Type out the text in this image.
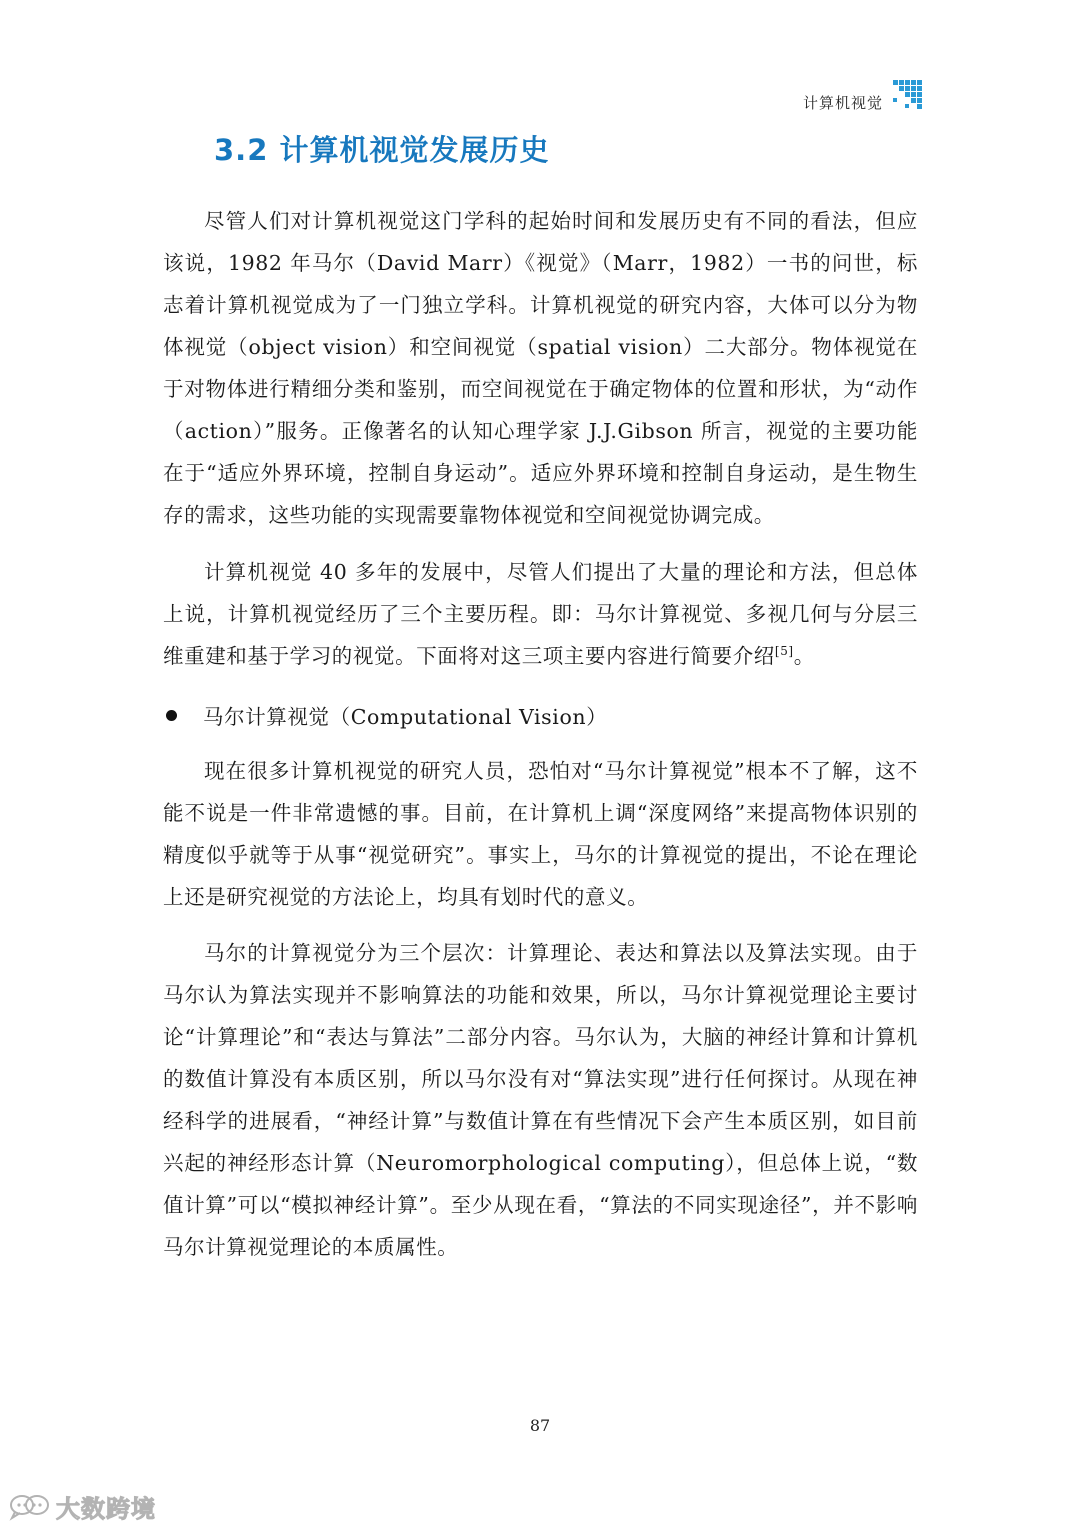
计算机视觉
3.2 计算机视觉发展历史

尽管人们对计算机视觉这门学科的起始时间和发展历史有不同的看法，但应该说，1982 年马尔（David Marr）《视觉》（Marr，1982）一书的问世，标志着计算机视觉成为了一门独立学科。计算机视觉的研究内容，大体可以分为物体视觉（object vision）和空间视觉（spatial vision）二大部分。物体视觉在于对物体进行精细分类和鉴别，而空间视觉在于确定物体的位置和形状，为“动作（action）”服务。正像著名的认知心理学家 J.J.Gibson 所言，视觉的主要功能在于“适应外界环境，控制自身运动”。适应外界环境和控制自身运动，是生物生存的需求，这些功能的实现需要靠物体视觉和空间视觉协调完成。

计算机视觉 40 多年的发展中，尽管人们提出了大量的理论和方法，但总体上说，计算机视觉经历了三个主要历程。即：马尔计算视觉、多视几何与分层三维重建和基于学习的视觉。下面将对这三项主要内容进行简要介绍[5]。

马尔计算视觉（Computational Vision）

现在很多计算机视觉的研究人员，恐怕对“马尔计算视觉”根本不了解，这不能不说是一件非常遗憾的事。目前，在计算机上调“深度网络”来提高物体识别的精度似乎就等于从事“视觉研究”。事实上，马尔的计算视觉的提出，不论在理论上还是研究视觉的方法论上，均具有划时代的意义。

马尔的计算视觉分为三个层次：计算理论、表达和算法以及算法实现。由于马尔认为算法实现并不影响算法的功能和效果，所以，马尔计算视觉理论主要讨论“计算理论”和“表达与算法”二部分内容。马尔认为，大脑的神经计算和计算机的数值计算没有本质区别，所以马尔没有对“算法实现”进行任何探讨。从现在神经科学的进展看，“神经计算”与数值计算在有些情况下会产生本质区别，如目前兴起的神经形态计算（Neuromorphological computing），但总体上说，“数值计算”可以“模拟神经计算”。至少从现在看，“算法的不同实现途径”，并不影响马尔计算视觉理论的本质属性。

87
大数跨境
